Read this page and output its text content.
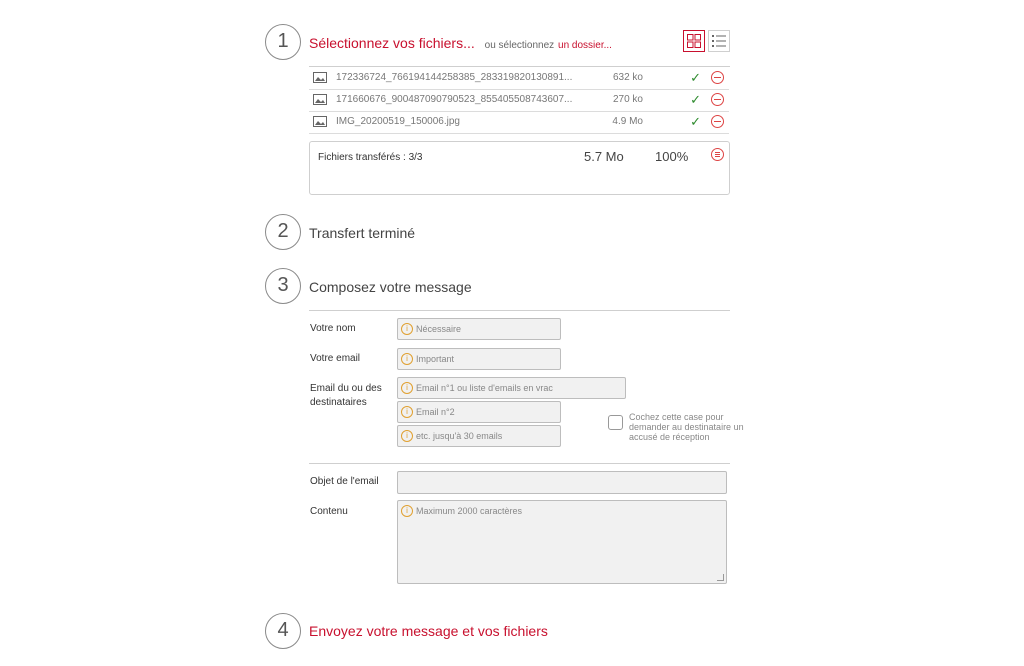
1	Sélectionnez vos fichiers... ou sélectionnez un dossier...
172336724_766194144258385_283319820130891...	632 ko	✓
171660676_900487090790523_855405508743607...	270 ko	✓
IMG_20200519_150006.jpg	4.9 Mo	✓
Fichiers transférés : 3/3	5.7 Mo 100%
2	Transfert terminé
3	Composez votre message
Votre nom	i Nécessaire
Votre email	i Important
Email du ou des destinataires
i Email n°1 ou liste d'emails en vrac
i Email n°2
i etc. jusqu'à 30 emails
Cochez cette case pour demander au destinataire un accusé de réception
Objet de l'email
Contenu	i Maximum 2000 caractères
4	Envoyez votre message et vos fichiers
